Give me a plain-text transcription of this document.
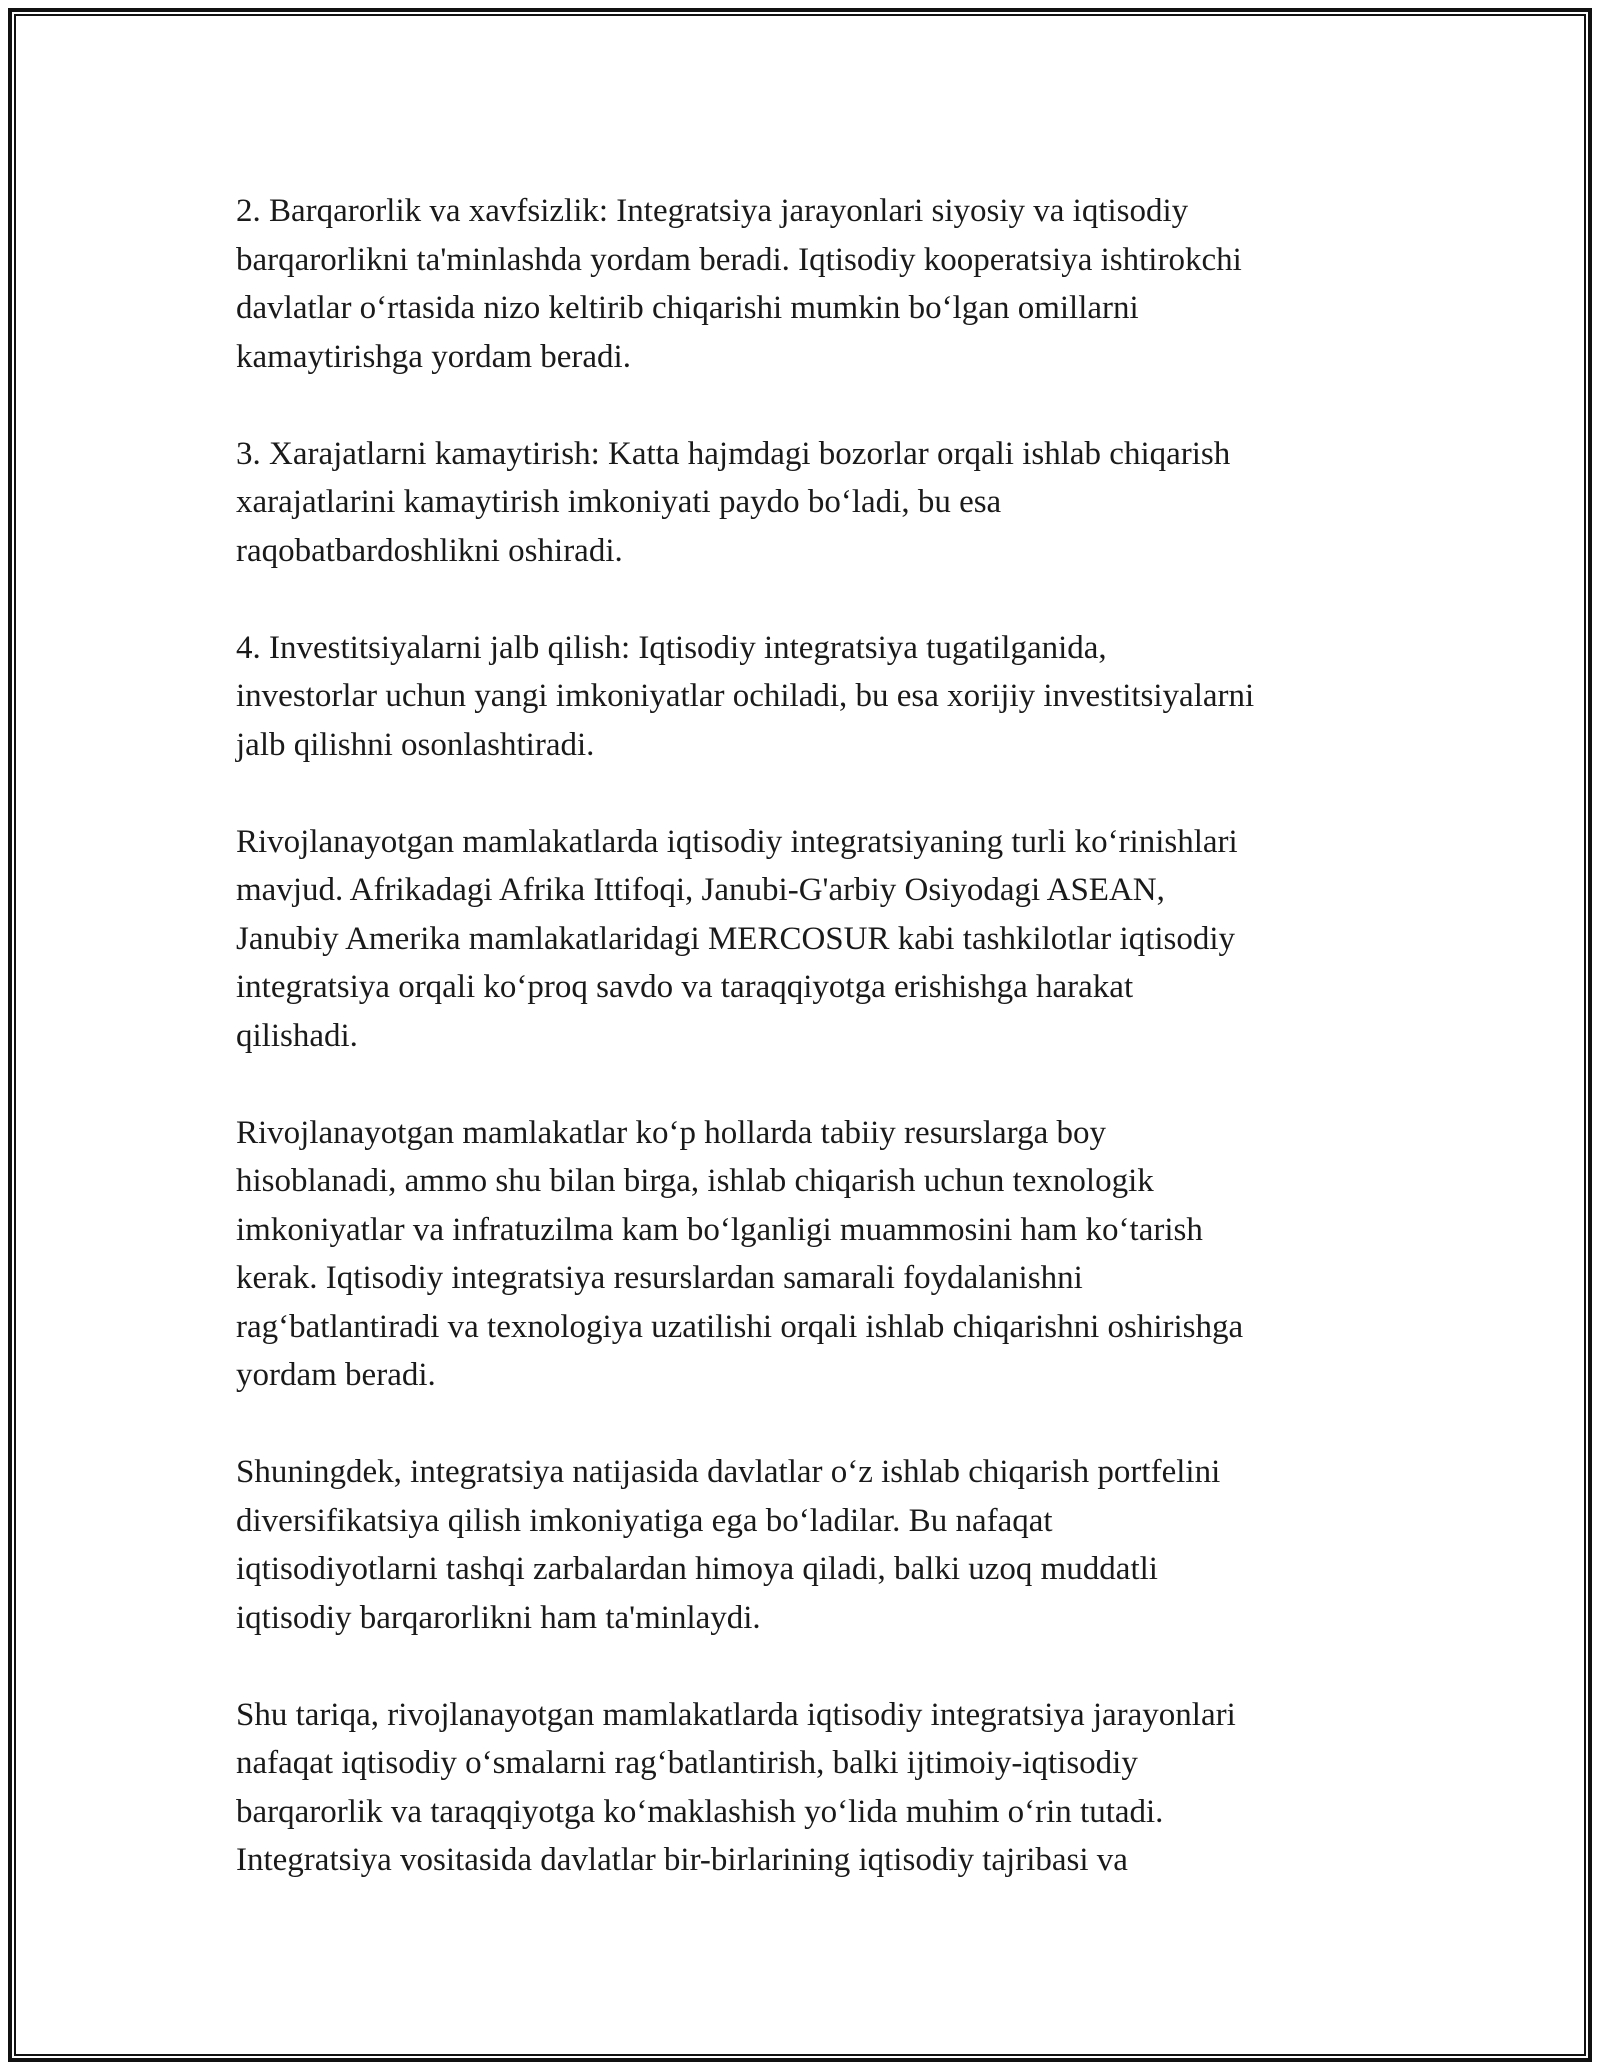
2. Barqarorlik va xavfsizlik: Integratsiya jarayonlari siyosiy va iqtisodiy
barqarorlikni ta'minlashda yordam beradi. Iqtisodiy kooperatsiya ishtirokchi
davlatlar oʻrtasida nizo keltirib chiqarishi mumkin boʻlgan omillarni
kamaytirishga yordam beradi.

3. Xarajatlarni kamaytirish: Katta hajmdagi bozorlar orqali ishlab chiqarish
xarajatlarini kamaytirish imkoniyati paydo boʻladi, bu esa
raqobatbardoshlikni oshiradi.

4. Investitsiyalarni jalb qilish: Iqtisodiy integratsiya tugatilganida,
investorlar uchun yangi imkoniyatlar ochiladi, bu esa xorijiy investitsiyalarni
jalb qilishni osonlashtiradi.

Rivojlanayotgan mamlakatlarda iqtisodiy integratsiyaning turli koʻrinishlari
mavjud. Afrikadagi Afrika Ittifoqi, Janubi-G'arbiy Osiyodagi ASEAN,
Janubiy Amerika mamlakatlaridagi MERCOSUR kabi tashkilotlar iqtisodiy
integratsiya orqali koʻproq savdo va taraqqiyotga erishishga harakat
qilishadi.

Rivojlanayotgan mamlakatlar koʻp hollarda tabiiy resurslarga boy
hisoblanadi, ammo shu bilan birga, ishlab chiqarish uchun texnologik
imkoniyatlar va infratuzilma kam boʻlganligi muammosini ham koʻtarish
kerak. Iqtisodiy integratsiya resurslardan samarali foydalanishni
ragʻbatlantiradi va texnologiya uzatilishi orqali ishlab chiqarishni oshirishga
yordam beradi.

Shuningdek, integratsiya natijasida davlatlar oʻz ishlab chiqarish portfelini
diversifikatsiya qilish imkoniyatiga ega boʻladilar. Bu nafaqat
iqtisodiyotlarni tashqi zarbalardan himoya qiladi, balki uzoq muddatli
iqtisodiy barqarorlikni ham ta'minlaydi.

Shu tariqa, rivojlanayotgan mamlakatlarda iqtisodiy integratsiya jarayonlari
nafaqat iqtisodiy oʻsmalarni ragʻbatlantirish, balki ijtimoiy-iqtisodiy
barqarorlik va taraqqiyotga koʻmaklashish yoʻlida muhim oʻrin tutadi.
Integratsiya vositasida davlatlar bir-birlarining iqtisodiy tajribasi va
